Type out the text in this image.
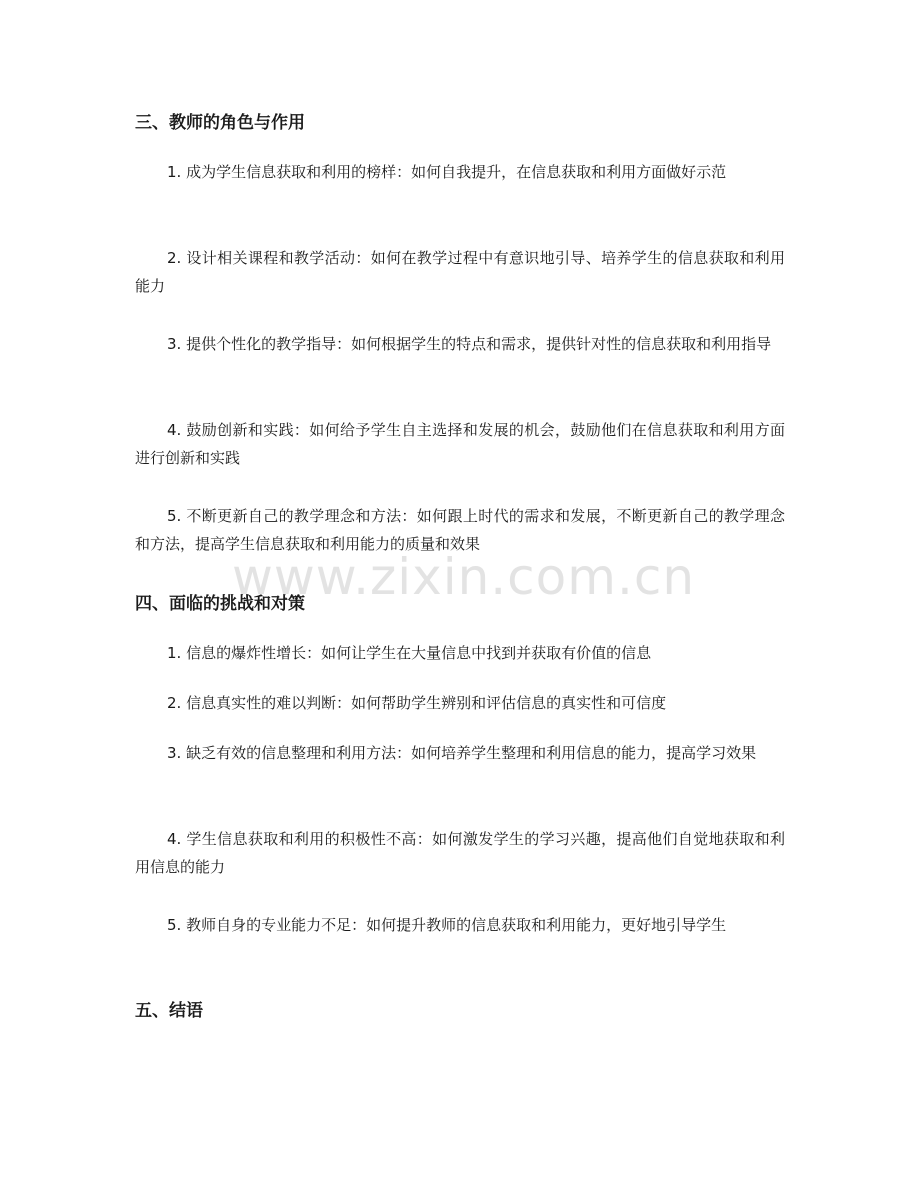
www.zixin.com.cn
三、教师的角色与作用
1. 成为学生信息获取和利用的榜样：如何自我提升，在信息获取和利用方面做好示范
2. 设计相关课程和教学活动：如何在教学过程中有意识地引导、培养学生的信息获取和利用能力
3. 提供个性化的教学指导：如何根据学生的特点和需求，提供针对性的信息获取和利用指导
4. 鼓励创新和实践：如何给予学生自主选择和发展的机会，鼓励他们在信息获取和利用方面进行创新和实践
5. 不断更新自己的教学理念和方法：如何跟上时代的需求和发展，不断更新自己的教学理念和方法，提高学生信息获取和利用能力的质量和效果
四、面临的挑战和对策
1. 信息的爆炸性增长：如何让学生在大量信息中找到并获取有价值的信息
2. 信息真实性的难以判断：如何帮助学生辨别和评估信息的真实性和可信度
3. 缺乏有效的信息整理和利用方法：如何培养学生整理和利用信息的能力，提高学习效果
4. 学生信息获取和利用的积极性不高：如何激发学生的学习兴趣，提高他们自觉地获取和利用信息的能力
5. 教师自身的专业能力不足：如何提升教师的信息获取和利用能力，更好地引导学生
五、结语
